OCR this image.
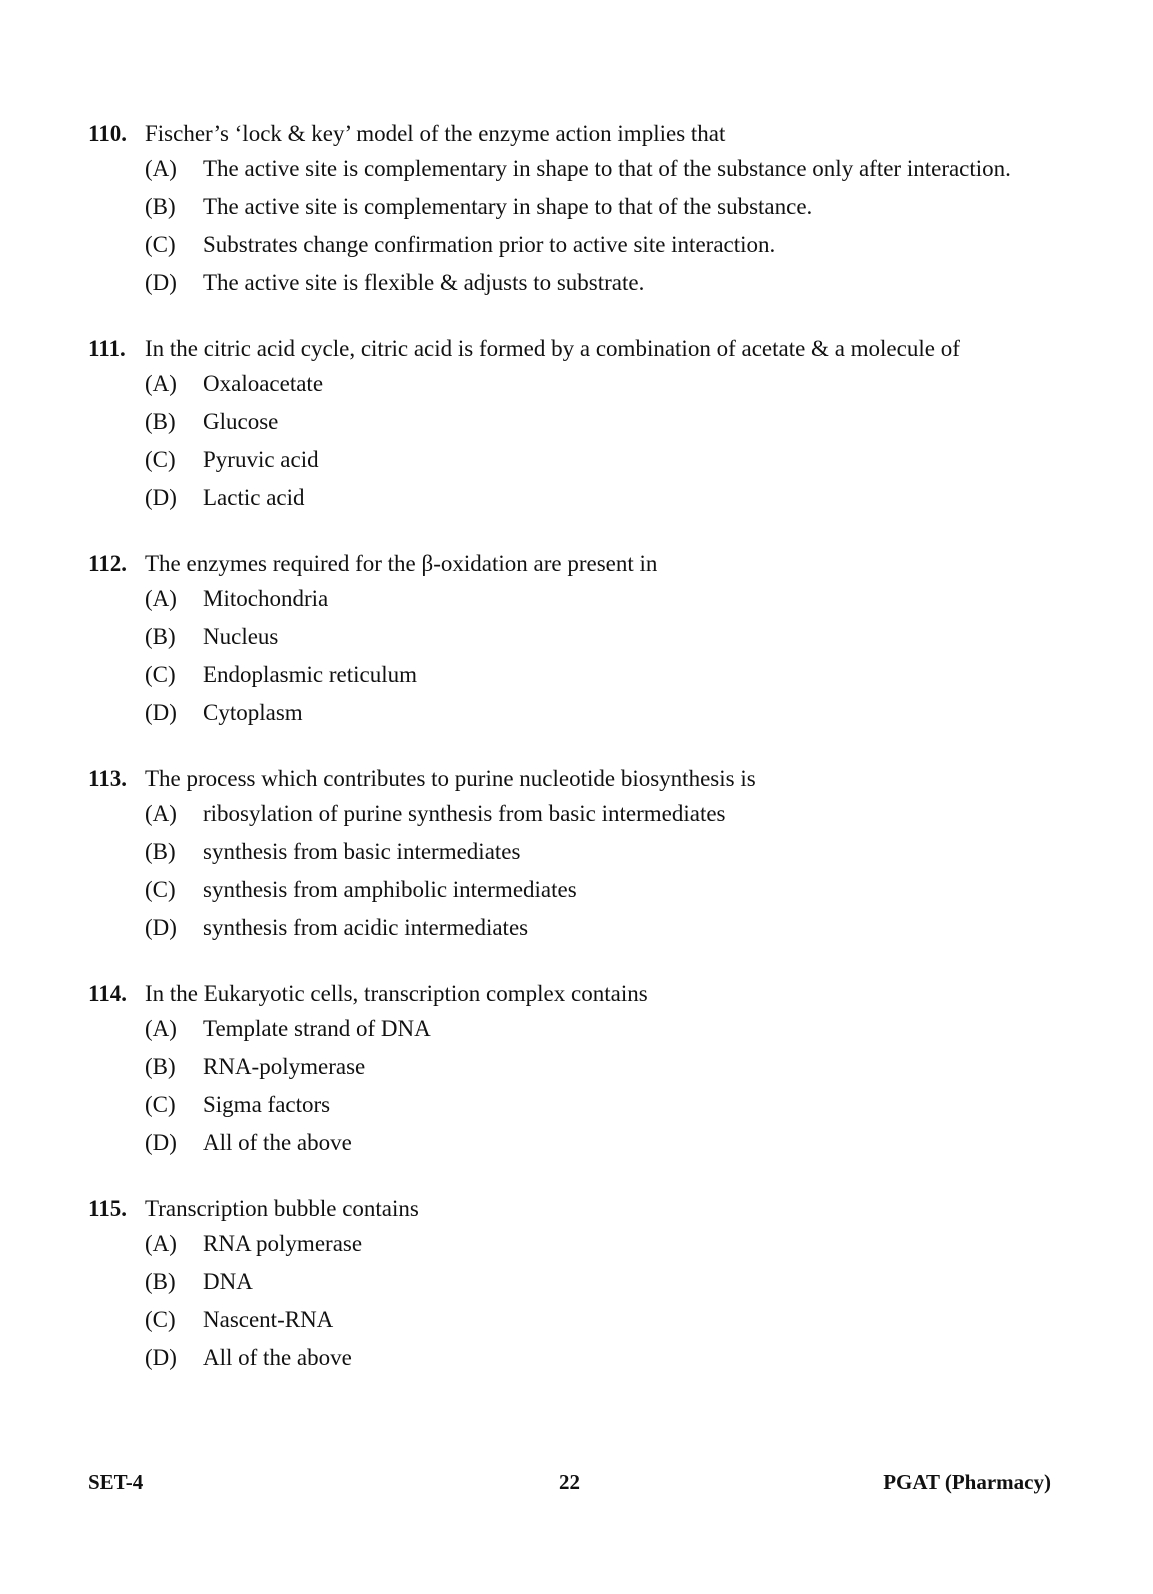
110. Fischer’s ‘lock & key’ model of the enzyme action implies that
(A)	The active site is complementary in shape to that of the substance only after interaction.
(B)	The active site is complementary in shape to that of the substance.
(C)	Substrates change confirmation prior to active site interaction.
(D)	The active site is flexible & adjusts to substrate.
111. In the citric acid cycle, citric acid is formed by a combination of acetate & a molecule of
(A)	Oxaloacetate
(B)	Glucose
(C)	Pyruvic acid
(D)	Lactic acid
112. The enzymes required for the β-oxidation are present in
(A)	Mitochondria
(B)	Nucleus
(C)	Endoplasmic reticulum
(D)	Cytoplasm
113. The process which contributes to purine nucleotide biosynthesis is
(A)	ribosylation of purine synthesis from basic intermediates
(B)	synthesis from basic intermediates
(C)	synthesis from amphibolic intermediates
(D)	synthesis from acidic intermediates
114. In the Eukaryotic cells, transcription complex contains
(A)	Template strand of DNA
(B)	RNA-polymerase
(C)	Sigma factors
(D)	All of the above
115. Transcription bubble contains
(A)	RNA polymerase
(B)	DNA
(C)	Nascent-RNA
(D)	All of the above
SET-4	22	PGAT (Pharmacy)
